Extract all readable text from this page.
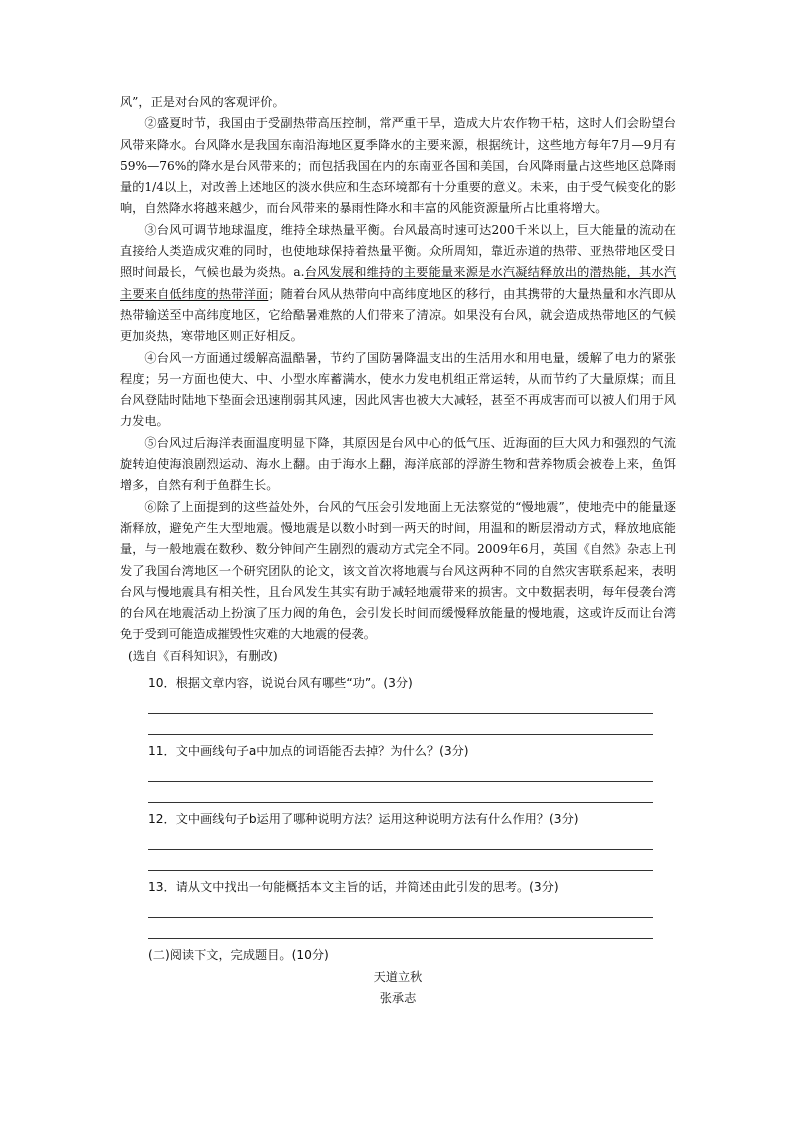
风”，正是对台风的客观评价。

②盛夏时节，我国由于受副热带高压控制，常严重干旱，造成大片农作物干枯，这时人们会盼望台风带来降水。台风降水是我国东南沿海地区夏季降水的主要来源，根据统计，这些地方每年7月—9月有59%—76%的降水是台风带来的；而包括我国在内的东南亚各国和美国，台风降雨量占这些地区总降雨量的1/4以上，对改善上述地区的淡水供应和生态环境都有十分重要的意义。未来，由于受气候变化的影响，自然降水将越来越少，而台风带来的暴雨性降水和丰富的风能资源量所占比重将增大。

③台风可调节地球温度，维持全球热量平衡。台风最高时速可达200千米以上，巨大能量的流动在直接给人类造成灾难的同时，也使地球保持着热量平衡。众所周知，靠近赤道的热带、亚热带地区受日照时间最长，气候也最为炎热。a.台风发展和维持的主要能量来源是水汽凝结释放出的潜热能，其水汽主要来自低纬度的热带洋面；随着台风从热带向中高纬度地区的移行，由其携带的大量热量和水汽即从热带输送至中高纬度地区，它给酷暑难熬的人们带来了清凉。如果没有台风，就会造成热带地区的气候更加炎热，寒带地区则正好相反。

④台风一方面通过缓解高温酷暑，节约了国防暑降温支出的生活用水和用电量，缓解了电力的紧张程度；另一方面也使大、中、小型水库蓄满水，使水力发电机组正常运转，从而节约了大量原煤；而且台风登陆时陆地下垫面会迅速削弱其风速，因此风害也被大大减轻，甚至不再成害而可以被人们用于风力发电。

⑤台风过后海洋表面温度明显下降，其原因是台风中心的低气压、近海面的巨大风力和强烈的气流旋转迫使海浪剧烈运动、海水上翻。由于海水上翻，海洋底部的浮游生物和营养物质会被卷上来，鱼饵增多，自然有利于鱼群生长。

⑥除了上面提到的这些益处外，台风的气压会引发地面上无法察觉的“慢地震”，使地壳中的能量逐渐释放，避免产生大型地震。慢地震是以数小时到一两天的时间，用温和的断层滑动方式，释放地底能量，与一般地震在数秒、数分钟间产生剧烈的震动方式完全不同。2009年6月，英国《自然》杂志上刊发了我国台湾地区一个研究团队的论文，该文首次将地震与台风这两种不同的自然灾害联系起来，表明台风与慢地震具有相关性，且台风发生其实有助于减轻地震带来的损害。文中数据表明，每年侵袭台湾的台风在地震活动上扮演了压力阀的角色，会引发长时间而缓慢释放能量的慢地震，这或许反而让台湾免于受到可能造成摧毁性灾难的大地震的侵袭。

(选自《百科知识》，有删改)

10．根据文章内容，说说台风有哪些“功”。(3分)

11．文中画线句子a中加点的词语能否去掉？为什么？(3分)

12．文中画线句子b运用了哪种说明方法？运用这种说明方法有什么作用？(3分)

13．请从文中找出一句能概括本文主旨的话，并简述由此引发的思考。(3分)

(二)阅读下文，完成题目。(10分)

天道立秋

张承志
